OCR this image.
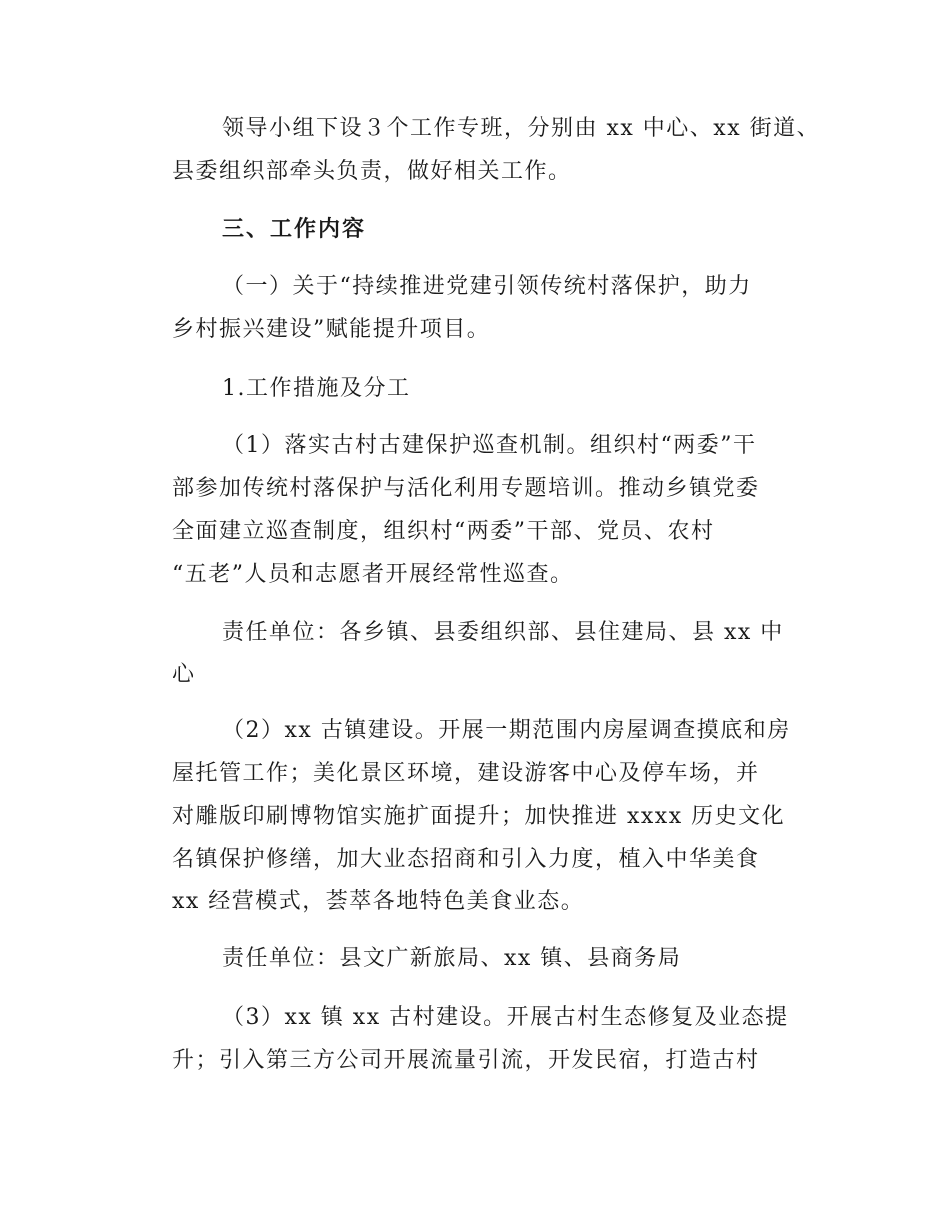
领导小组下设３个工作专班，分别由 xx 中心、xx 街道、
县委组织部牵头负责，做好相关工作。
三、工作内容
（一）关于“持续推进党建引领传统村落保护，助力
乡村振兴建设”赋能提升项目。
1.工作措施及分工
（1）落实古村古建保护巡查机制。组织村“两委”干
部参加传统村落保护与活化利用专题培训。推动乡镇党委
全面建立巡查制度，组织村“两委”干部、党员、农村
“五老”人员和志愿者开展经常性巡查。
责任单位：各乡镇、县委组织部、县住建局、县 xx 中
心
（2）xx 古镇建设。开展一期范围内房屋调查摸底和房
屋托管工作；美化景区环境，建设游客中心及停车场，并
对雕版印刷博物馆实施扩面提升；加快推进 xxxx 历史文化
名镇保护修缮，加大业态招商和引入力度，植入中华美食
xx 经营模式，荟萃各地特色美食业态。
责任单位：县文广新旅局、xx 镇、县商务局
（3）xx 镇 xx 古村建设。开展古村生态修复及业态提
升；引入第三方公司开展流量引流，开发民宿，打造古村
